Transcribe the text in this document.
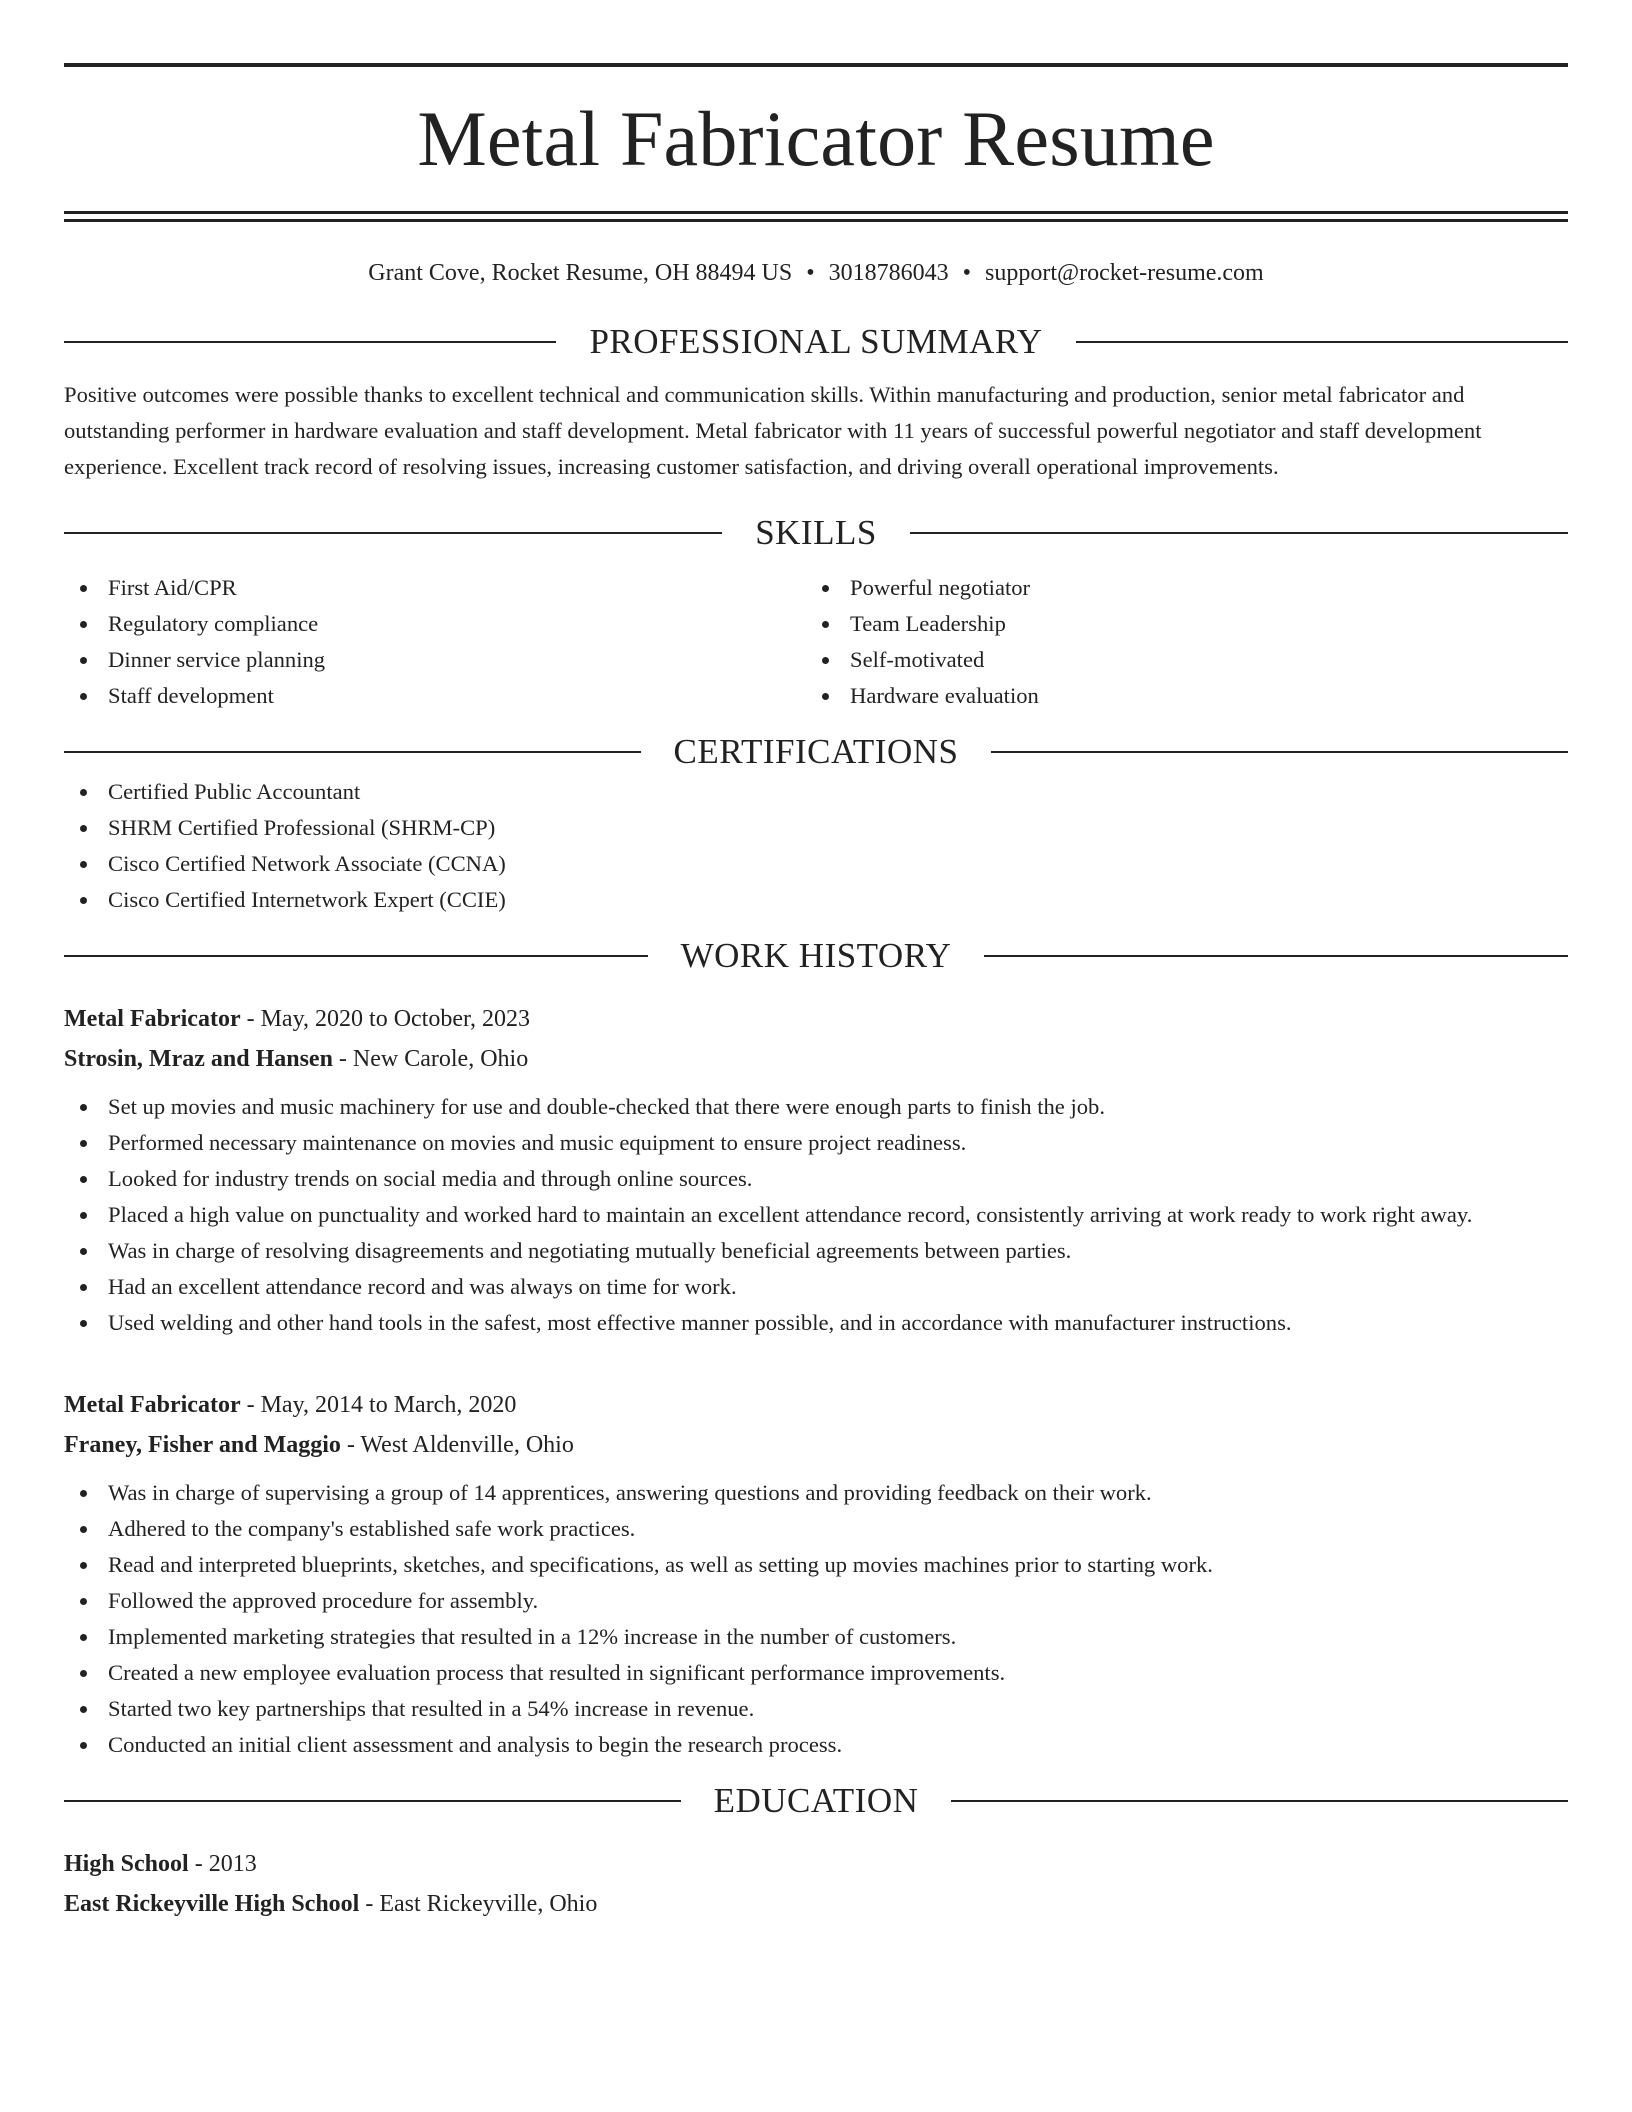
Metal Fabricator Resume
Grant Cove, Rocket Resume, OH 88494 US • 3018786043 • support@rocket-resume.com
PROFESSIONAL SUMMARY

Positive outcomes were possible thanks to excellent technical and communication skills. Within manufacturing and production, senior metal fabricator and outstanding performer in hardware evaluation and staff development. Metal fabricator with 11 years of successful powerful negotiator and staff development experience. Excellent track record of resolving issues, increasing customer satisfaction, and driving overall operational improvements.

SKILLS
First Aid/CPR
Regulatory compliance
Dinner service planning
Staff development
Powerful negotiator
Team Leadership
Self-motivated
Hardware evaluation
CERTIFICATIONS
Certified Public Accountant
SHRM Certified Professional (SHRM-CP)
Cisco Certified Network Associate (CCNA)
Cisco Certified Internetwork Expert (CCIE)
WORK HISTORY
Metal Fabricator - May, 2020 to October, 2023
Strosin, Mraz and Hansen - New Carole, Ohio
Set up movies and music machinery for use and double-checked that there were enough parts to finish the job.
Performed necessary maintenance on movies and music equipment to ensure project readiness.
Looked for industry trends on social media and through online sources.
Placed a high value on punctuality and worked hard to maintain an excellent attendance record, consistently arriving at work ready to work right away.
Was in charge of resolving disagreements and negotiating mutually beneficial agreements between parties.
Had an excellent attendance record and was always on time for work.
Used welding and other hand tools in the safest, most effective manner possible, and in accordance with manufacturer instructions.
Metal Fabricator - May, 2014 to March, 2020
Franey, Fisher and Maggio - West Aldenville, Ohio
Was in charge of supervising a group of 14 apprentices, answering questions and providing feedback on their work.
Adhered to the company's established safe work practices.
Read and interpreted blueprints, sketches, and specifications, as well as setting up movies machines prior to starting work.
Followed the approved procedure for assembly.
Implemented marketing strategies that resulted in a 12% increase in the number of customers.
Created a new employee evaluation process that resulted in significant performance improvements.
Started two key partnerships that resulted in a 54% increase in revenue.
Conducted an initial client assessment and analysis to begin the research process.
EDUCATION
High School - 2013
East Rickeyville High School - East Rickeyville, Ohio
